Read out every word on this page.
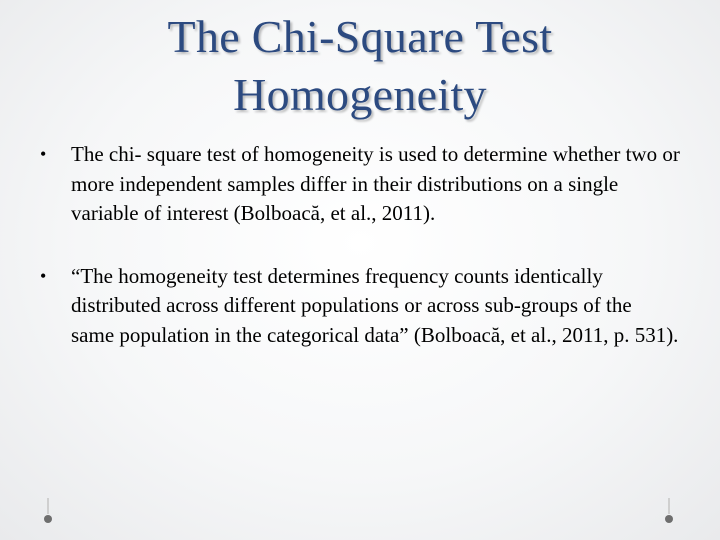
The Chi-Square Test
Homogeneity
•	The chi- square test of homogeneity is used to determine whether two or more independent samples differ in their distributions on a single variable of interest (Bolboacă, et al., 2011).
•	“The homogeneity test determines frequency counts identically distributed across different populations or across sub-groups of the same population in the categorical data” (Bolboacă, et al., 2011, p. 531).
